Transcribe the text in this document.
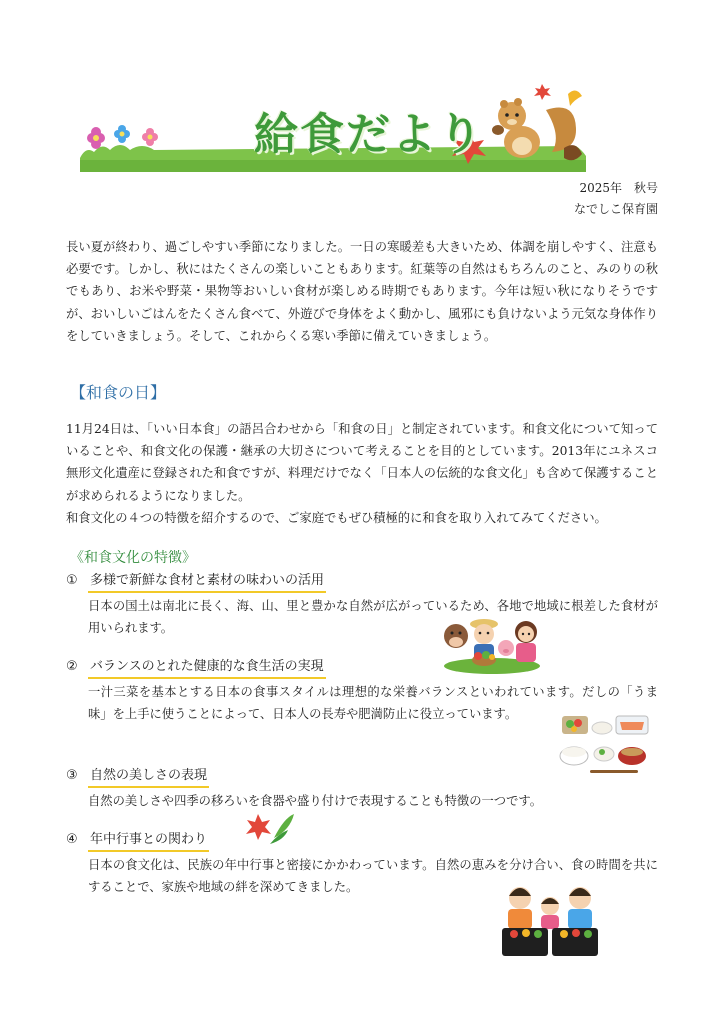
給食だより
2025年　秋号
なでしこ保育園
長い夏が終わり、過ごしやすい季節になりました。一日の寒暖差も大きいため、体調を崩しやすく、注意も必要です。しかし、秋にはたくさんの楽しいこともあります。紅葉等の自然はもちろんのこと、みのりの秋でもあり、お米や野菜・果物等おいしい食材が楽しめる時期でもあります。今年は短い秋になりそうですが、おいしいごはんをたくさん食べて、外遊びで身体をよく動かし、風邪にも負けないよう元気な身体作りをしていきましょう。そして、これからくる寒い季節に備えていきましょう。
【和食の日】
11月24日は、「いい日本食」の語呂合わせから「和食の日」と制定されています。和食文化について知っていることや、和食文化の保護・継承の大切さについて考えることを目的としています。2013年にユネスコ無形文化遺産に登録された和食ですが、料理だけでなく「日本人の伝統的な食文化」も含めて保護することが求められるようになりました。
和食文化の４つの特徴を紹介するので、ご家庭でもぜひ積極的に和食を取り入れてみてください。
《和食文化の特徴》
① 多様で新鮮な食材と素材の味わいの活用
日本の国土は南北に長く、海、山、里と豊かな自然が広がっているため、各地で地域に根差した食材が用いられます。
② バランスのとれた健康的な食生活の実現
一汁三菜を基本とする日本の食事スタイルは理想的な栄養バランスといわれています。だしの「うま味」を上手に使うことによって、日本人の長寿や肥満防止に役立っています。
③ 自然の美しさの表現
自然の美しさや四季の移ろいを食器や盛り付けで表現することも特徴の一つです。
④ 年中行事との関わり
日本の食文化は、民族の年中行事と密接にかかわっています。自然の恵みを分け合い、食の時間を共にすることで、家族や地域の絆を深めてきました。
